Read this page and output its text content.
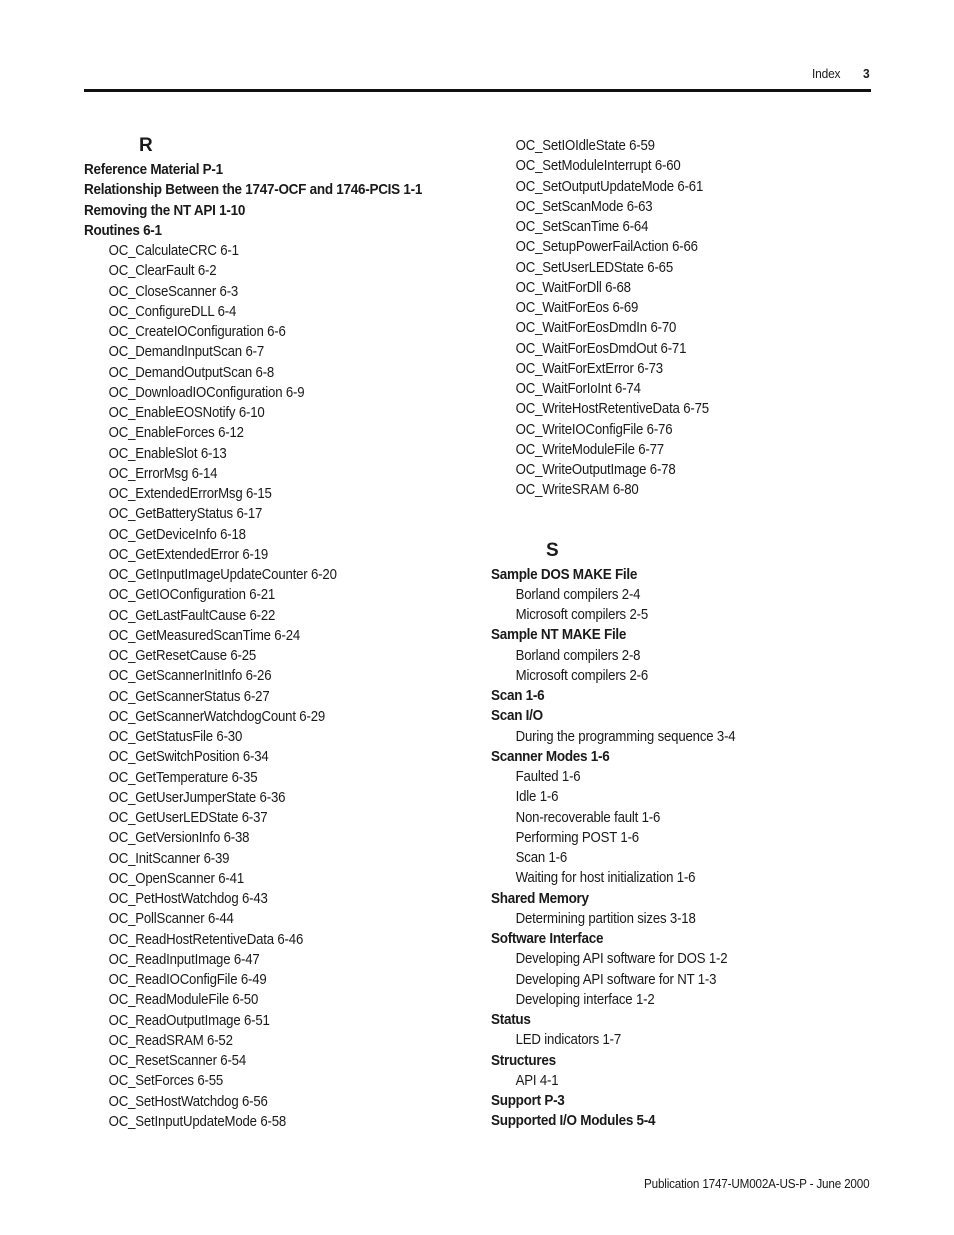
Index 3
R
Reference Material P-1
Relationship Between the 1747-OCF and 1746-PCIS 1-1
Removing the NT API 1-10
Routines 6-1
OC_CalculateCRC 6-1
OC_ClearFault 6-2
OC_CloseScanner 6-3
OC_ConfigureDLL 6-4
OC_CreateIOConfiguration 6-6
OC_DemandInputScan 6-7
OC_DemandOutputScan 6-8
OC_DownloadIOConfiguration 6-9
OC_EnableEOSNotify 6-10
OC_EnableForces 6-12
OC_EnableSlot 6-13
OC_ErrorMsg 6-14
OC_ExtendedErrorMsg 6-15
OC_GetBatteryStatus 6-17
OC_GetDeviceInfo 6-18
OC_GetExtendedError 6-19
OC_GetInputImageUpdateCounter 6-20
OC_GetIOConfiguration 6-21
OC_GetLastFaultCause 6-22
OC_GetMeasuredScanTime 6-24
OC_GetResetCause 6-25
OC_GetScannerInitInfo 6-26
OC_GetScannerStatus 6-27
OC_GetScannerWatchdogCount 6-29
OC_GetStatusFile 6-30
OC_GetSwitchPosition 6-34
OC_GetTemperature 6-35
OC_GetUserJumperState 6-36
OC_GetUserLEDState 6-37
OC_GetVersionInfo 6-38
OC_InitScanner 6-39
OC_OpenScanner 6-41
OC_PetHostWatchdog 6-43
OC_PollScanner 6-44
OC_ReadHostRetentiveData 6-46
OC_ReadInputImage 6-47
OC_ReadIOConfigFile 6-49
OC_ReadModuleFile 6-50
OC_ReadOutputImage 6-51
OC_ReadSRAM 6-52
OC_ResetScanner 6-54
OC_SetForces 6-55
OC_SetHostWatchdog 6-56
OC_SetInputUpdateMode 6-58
OC_SetIOIdleState 6-59
OC_SetModuleInterrupt 6-60
OC_SetOutputUpdateMode 6-61
OC_SetScanMode 6-63
OC_SetScanTime 6-64
OC_SetupPowerFailAction 6-66
OC_SetUserLEDState 6-65
OC_WaitForDll 6-68
OC_WaitForEos 6-69
OC_WaitForEosDmdIn 6-70
OC_WaitForEosDmdOut 6-71
OC_WaitForExtError 6-73
OC_WaitForIoInt 6-74
OC_WriteHostRetentiveData 6-75
OC_WriteIOConfigFile 6-76
OC_WriteModuleFile 6-77
OC_WriteOutputImage 6-78
OC_WriteSRAM 6-80
S
Sample DOS MAKE File
Borland compilers 2-4
Microsoft compilers 2-5
Sample NT MAKE File
Borland compilers 2-8
Microsoft compilers 2-6
Scan 1-6
Scan I/O
During the programming sequence 3-4
Scanner Modes 1-6
Faulted 1-6
Idle 1-6
Non-recoverable fault 1-6
Performing POST 1-6
Scan 1-6
Waiting for host initialization 1-6
Shared Memory
Determining partition sizes 3-18
Software Interface
Developing API software for DOS 1-2
Developing API software for NT 1-3
Developing interface 1-2
Status
LED indicators 1-7
Structures
API 4-1
Support P-3
Supported I/O Modules 5-4
Publication 1747-UM002A-US-P - June 2000
